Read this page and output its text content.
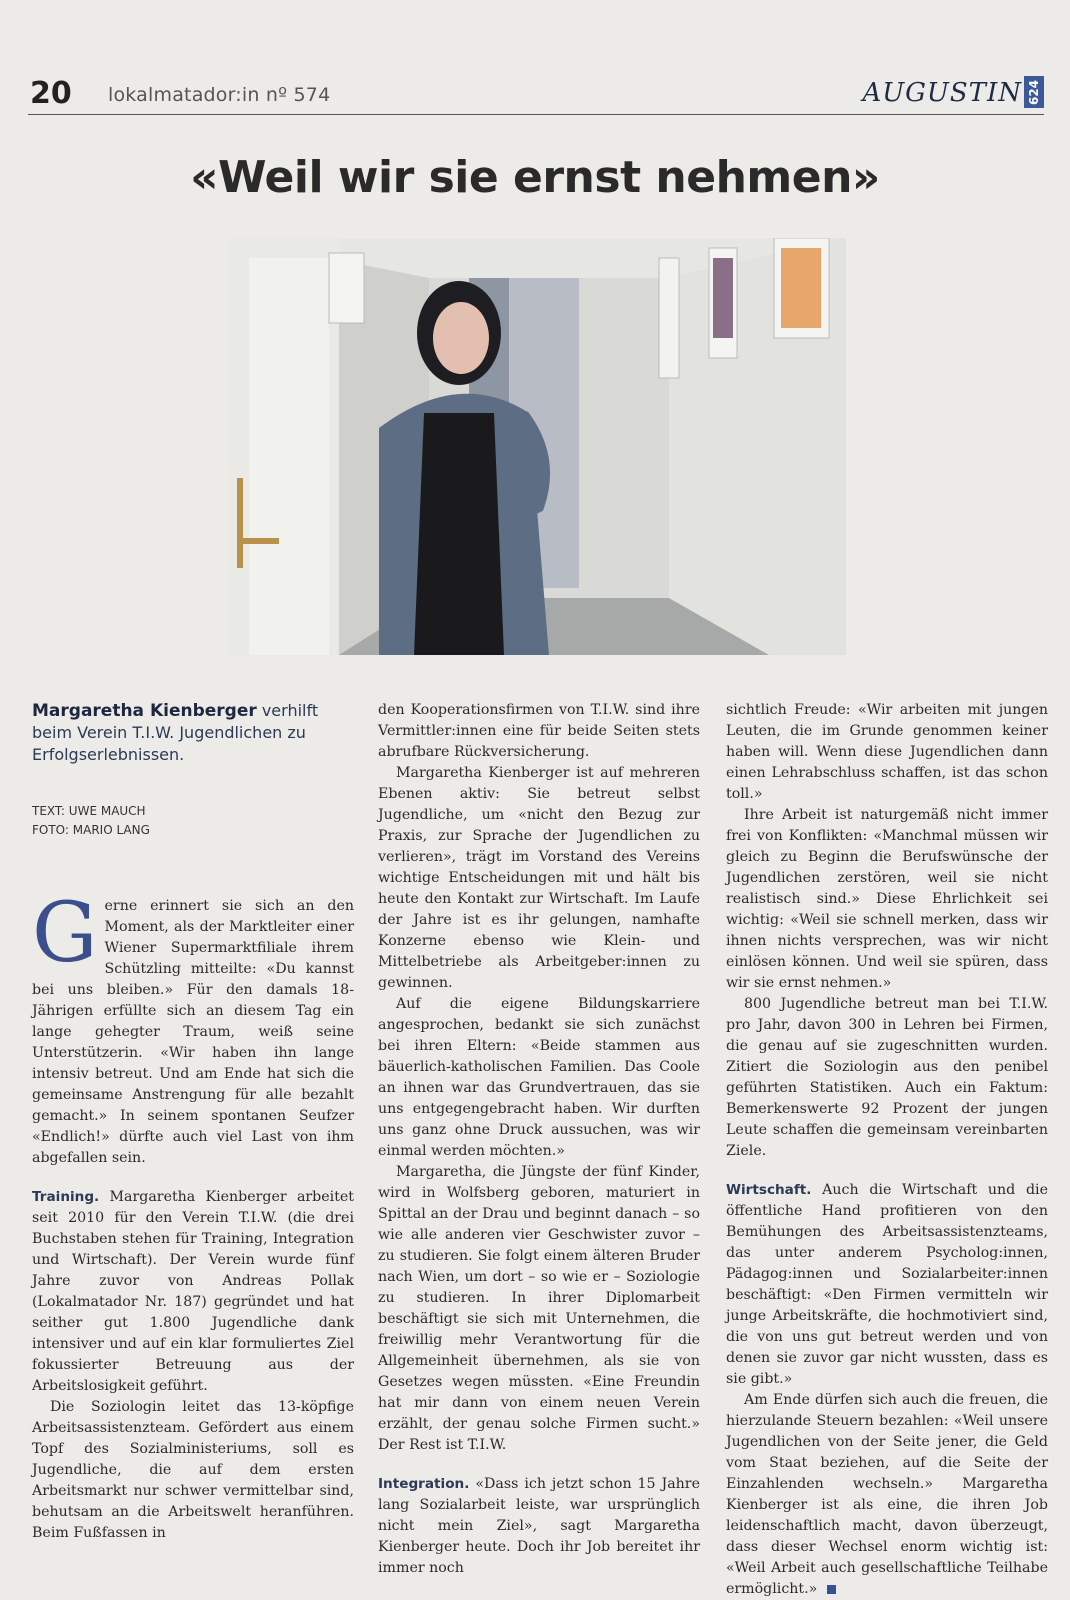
20 lokalmatador:in nº 574	AUGUSTIN 624
«Weil wir sie ernst nehmen»

Margaretha Kienberger verhilft beim Verein T.I.W. Jugendlichen zu Erfolgserlebnissen.

TEXT: UWE MAUCH
FOTO: MARIO LANG

Gerne erinnert sie sich an den Moment, als der Marktleiter einer Wiener Supermarktfiliale ihrem Schützling mitteilte: «Du kannst bei uns bleiben.» Für den damals 18-Jährigen erfüllte sich an diesem Tag ein lange gehegter Traum, weiß seine Unterstützerin. «Wir haben ihn lange intensiv betreut. Und am Ende hat sich die gemeinsame Anstrengung für alle bezahlt gemacht.» In seinem spontanen Seufzer «Endlich!» dürfte auch viel Last von ihm abgefallen sein.

Training. Margaretha Kienberger arbeitet seit 2010 für den Verein T.I.W. (die drei Buchstaben stehen für Training, Integration und Wirtschaft). Der Verein wurde fünf Jahre zuvor von Andreas Pollak (Lokalmatador Nr. 187) gegründet und hat seither gut 1.800 Jugendliche dank intensiver und auf ein klar formuliertes Ziel fokussierter Betreuung aus der Arbeitslosigkeit geführt.

Die Soziologin leitet das 13-köpfige Arbeitsassistenzteam. Gefördert aus einem Topf des Sozialministeriums, soll es Jugendliche, die auf dem ersten Arbeitsmarkt nur schwer vermittelbar sind, behutsam an die Arbeitswelt heranführen. Beim Fußfassen in

den Kooperationsfirmen von T.I.W. sind ihre Vermittler:innen eine für beide Seiten stets abrufbare Rückversicherung.

Margaretha Kienberger ist auf mehreren Ebenen aktiv: Sie betreut selbst Jugendliche, um «nicht den Bezug zur Praxis, zur Sprache der Jugendlichen zu verlieren», trägt im Vorstand des Vereins wichtige Entscheidungen mit und hält bis heute den Kontakt zur Wirtschaft. Im Laufe der Jahre ist es ihr gelungen, namhafte Konzerne ebenso wie Klein- und Mittelbetriebe als Arbeitgeber:innen zu gewinnen.

Auf die eigene Bildungskarriere angesprochen, bedankt sie sich zunächst bei ihren Eltern: «Beide stammen aus bäuerlich-katholischen Familien. Das Coole an ihnen war das Grundvertrauen, das sie uns entgegengebracht haben. Wir durften uns ganz ohne Druck aussuchen, was wir einmal werden möchten.»

Margaretha, die Jüngste der fünf Kinder, wird in Wolfsberg geboren, maturiert in Spittal an der Drau und beginnt danach – so wie alle anderen vier Geschwister zuvor – zu studieren. Sie folgt einem älteren Bruder nach Wien, um dort – so wie er – Soziologie zu studieren. In ihrer Diplomarbeit beschäftigt sie sich mit Unternehmen, die freiwillig mehr Verantwortung für die Allgemeinheit übernehmen, als sie von Gesetzes wegen müssten. «Eine Freundin hat mir dann von einem neuen Verein erzählt, der genau solche Firmen sucht.» Der Rest ist T.I.W.

Integration. «Dass ich jetzt schon 15 Jahre lang Sozialarbeit leiste, war ursprünglich nicht mein Ziel», sagt Margaretha Kienberger heute. Doch ihr Job bereitet ihr immer noch

sichtlich Freude: «Wir arbeiten mit jungen Leuten, die im Grunde genommen keiner haben will. Wenn diese Jugendlichen dann einen Lehrabschluss schaffen, ist das schon toll.»

Ihre Arbeit ist naturgemäß nicht immer frei von Konflikten: «Manchmal müssen wir gleich zu Beginn die Berufswünsche der Jugendlichen zerstören, weil sie nicht realistisch sind.» Diese Ehrlichkeit sei wichtig: «Weil sie schnell merken, dass wir ihnen nichts versprechen, was wir nicht einlösen können. Und weil sie spüren, dass wir sie ernst nehmen.»

800 Jugendliche betreut man bei T.I.W. pro Jahr, davon 300 in Lehren bei Firmen, die genau auf sie zugeschnitten wurden. Zitiert die Soziologin aus den penibel geführten Statistiken. Auch ein Faktum: Bemerkenswerte 92 Prozent der jungen Leute schaffen die gemeinsam vereinbarten Ziele.

Wirtschaft. Auch die Wirtschaft und die öffentliche Hand profitieren von den Bemühungen des Arbeitsassistenzteams, das unter anderem Psycholog:innen, Pädagog:innen und Sozialarbeiter:innen beschäftigt: «Den Firmen vermitteln wir junge Arbeitskräfte, die hochmotiviert sind, die von uns gut betreut werden und von denen sie zuvor gar nicht wussten, dass es sie gibt.»

Am Ende dürfen sich auch die freuen, die hierzulande Steuern bezahlen: «Weil unsere Jugendlichen von der Seite jener, die Geld vom Staat beziehen, auf die Seite der Einzahlenden wechseln.» Margaretha Kienberger ist als eine, die ihren Job leidenschaftlich macht, davon überzeugt, dass dieser Wechsel enorm wichtig ist: «Weil Arbeit auch gesellschaftliche Teilhabe ermöglicht.»
